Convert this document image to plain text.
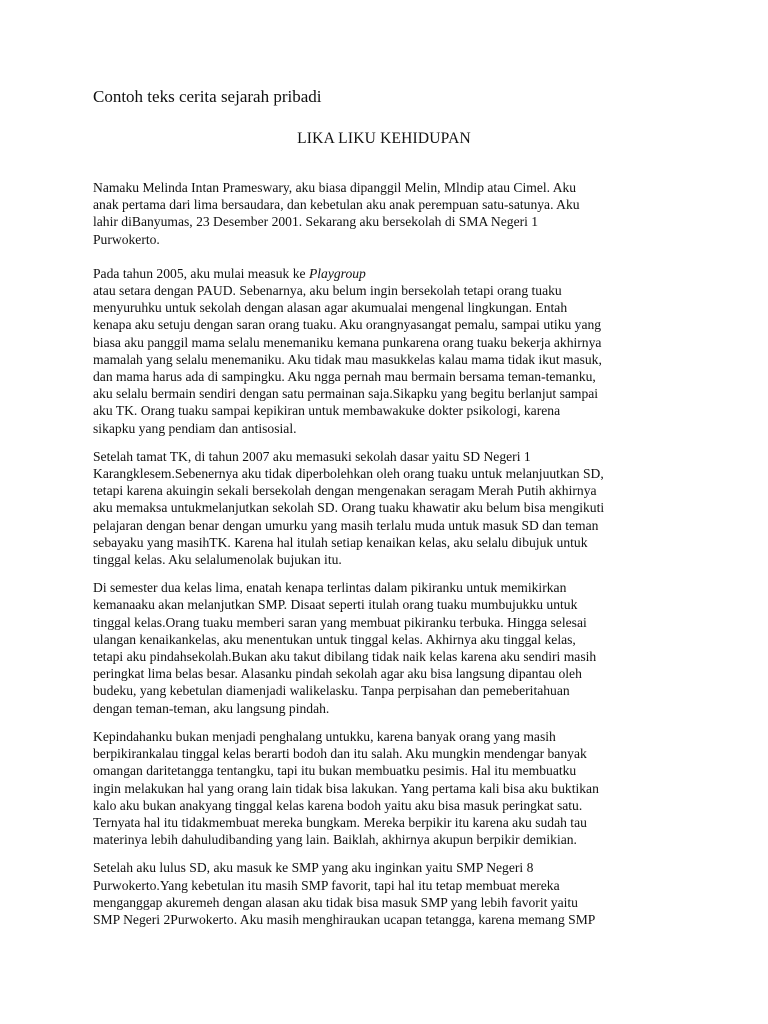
Contoh teks cerita sejarah pribadi
LIKA LIKU KEHIDUPAN
Namaku Melinda Intan Prameswary, aku biasa dipanggil Melin, Mlndip atau Cimel. Aku
anak pertama dari lima bersaudara, dan kebetulan aku anak perempuan satu-satunya. Aku
lahir diBanyumas, 23 Desember 2001. Sekarang aku bersekolah di SMA Negeri 1
Purwokerto.
Pada tahun 2005, aku mulai measuk ke Playgroup
atau setara dengan PAUD. Sebenarnya, aku belum ingin bersekolah tetapi orang tuaku
menyuruhku untuk sekolah dengan alasan agar akumualai mengenal lingkungan. Entah
kenapa aku setuju dengan saran orang tuaku. Aku orangnyasangat pemalu, sampai utiku yang
biasa aku panggil mama selalu menemaniku kemana punkarena orang tuaku bekerja akhirnya
mamalah yang selalu menemaniku. Aku tidak mau masukkelas kalau mama tidak ikut masuk,
dan mama harus ada di sampingku. Aku ngga pernah mau bermain bersama teman-temanku,
aku selalu bermain sendiri dengan satu permainan saja.Sikapku yang begitu berlanjut sampai
aku TK. Orang tuaku sampai kepikiran untuk membawakuke dokter psikologi, karena
sikapku yang pendiam dan antisosial.
Setelah tamat TK, di tahun 2007 aku memasuki sekolah dasar yaitu SD Negeri 1
Karangklesem.Sebenernya aku tidak diperbolehkan oleh orang tuaku untuk melanjuutkan SD,
tetapi karena akuingin sekali bersekolah dengan mengenakan seragam Merah Putih akhirnya
aku memaksa untukmelanjutkan sekolah SD. Orang tuaku khawatir aku belum bisa mengikuti
pelajaran dengan benar dengan umurku yang masih terlalu muda untuk masuk SD dan teman
sebayaku yang masihTK. Karena hal itulah setiap kenaikan kelas, aku selalu dibujuk untuk
tinggal kelas. Aku selalumenolak bujukan itu.
Di semester dua kelas lima, enatah kenapa terlintas dalam pikiranku untuk memikirkan
kemanaaku akan melanjutkan SMP. Disaat seperti itulah orang tuaku mumbujukku untuk
tinggal kelas.Orang tuaku memberi saran yang membuat pikiranku terbuka. Hingga selesai
ulangan kenaikankelas, aku menentukan untuk tinggal kelas. Akhirnya aku tinggal kelas,
tetapi aku pindahsekolah.Bukan aku takut dibilang tidak naik kelas karena aku sendiri masih
peringkat lima belas besar. Alasanku pindah sekolah agar aku bisa langsung dipantau oleh
budeku, yang kebetulan diamenjadi walikelasku. Tanpa perpisahan dan pemeberitahuan
dengan teman-teman, aku langsung pindah.
Kepindahanku bukan menjadi penghalang untukku, karena banyak orang yang masih
berpikirankalau tinggal kelas berarti bodoh dan itu salah. Aku mungkin mendengar banyak
omangan daritetangga tentangku, tapi itu bukan membuatku pesimis. Hal itu membuatku
ingin melakukan hal yang orang lain tidak bisa lakukan. Yang pertama kali bisa aku buktikan
kalo aku bukan anakyang tinggal kelas karena bodoh yaitu aku bisa masuk peringkat satu.
Ternyata hal itu tidakmembuat mereka bungkam. Mereka berpikir itu karena aku sudah tau
materinya lebih dahuludibanding yang lain. Baiklah, akhirnya akupun berpikir demikian.
Setelah aku lulus SD, aku masuk ke SMP yang aku inginkan yaitu SMP Negeri 8
Purwokerto.Yang kebetulan itu masih SMP favorit, tapi hal itu tetap membuat mereka
menganggap akuremeh dengan alasan aku tidak bisa masuk SMP yang lebih favorit yaitu
SMP Negeri 2Purwokerto. Aku masih menghiraukan ucapan tetangga, karena memang SMP
